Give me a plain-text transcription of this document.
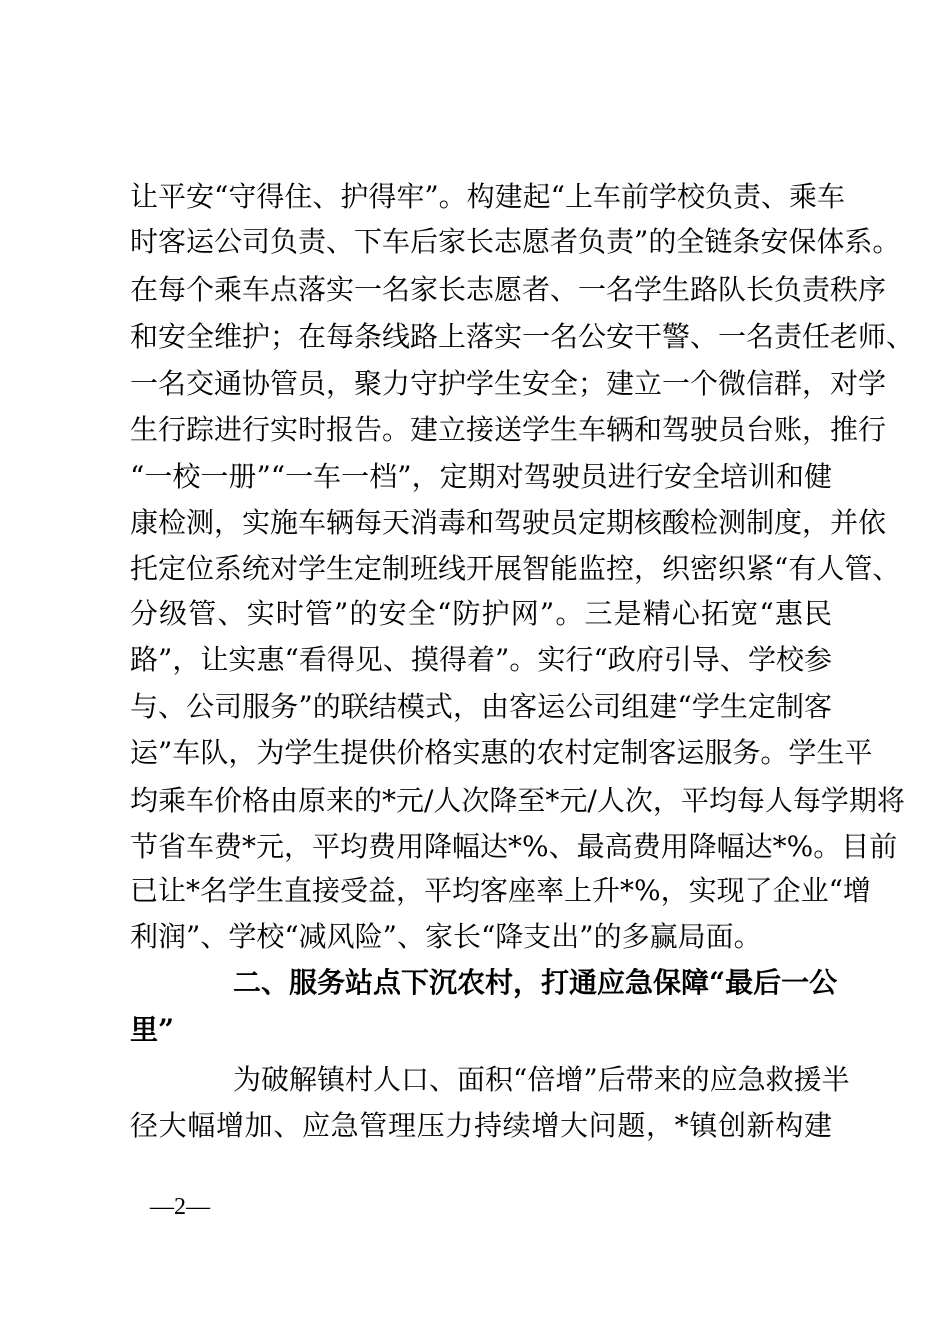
让平安“守得住、护得牢”。构建起“上车前学校负责、乘车
时客运公司负责、下车后家长志愿者负责”的全链条安保体系。
在每个乘车点落实一名家长志愿者、一名学生路队长负责秩序
和安全维护；在每条线路上落实一名公安干警、一名责任老师、
一名交通协管员，聚力守护学生安全；建立一个微信群，对学
生行踪进行实时报告。建立接送学生车辆和驾驶员台账，推行
“一校一册”“一车一档”，定期对驾驶员进行安全培训和健
康检测，实施车辆每天消毒和驾驶员定期核酸检测制度，并依
托定位系统对学生定制班线开展智能监控，织密织紧“有人管、
分级管、实时管”的安全“防护网”。三是精心拓宽“惠民
路”，让实惠“看得见、摸得着”。实行“政府引导、学校参
与、公司服务”的联结模式，由客运公司组建“学生定制客
运”车队，为学生提供价格实惠的农村定制客运服务。学生平
均乘车价格由原来的*元/人次降至*元/人次，平均每人每学期将
节省车费*元，平均费用降幅达*%、最高费用降幅达*%。目前
已让*名学生直接受益，平均客座率上升*%，实现了企业“增
利润”、学校“减风险”、家长“降支出”的多赢局面。
二、服务站点下沉农村，打通应急保障“最后一公
里”
为破解镇村人口、面积“倍增”后带来的应急救援半
径大幅增加、应急管理压力持续增大问题，*镇创新构建
—2—
